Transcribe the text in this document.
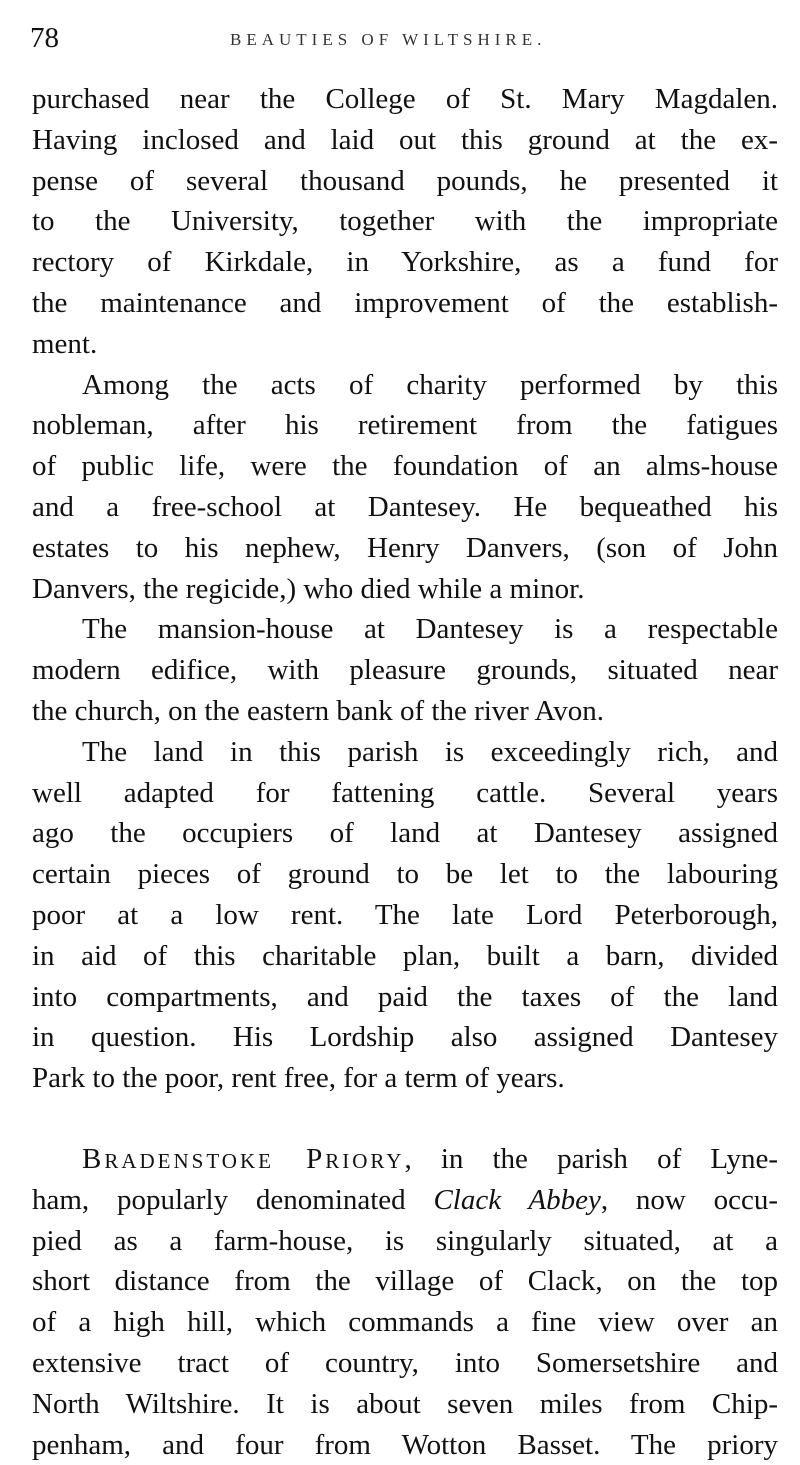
78	BEAUTIES OF WILTSHIRE.
purchased near the College of St. Mary Magdalen.
Having inclosed and laid out this ground at the ex-
pense of several thousand pounds, he presented it
to the University, together with the impropriate
rectory of Kirkdale, in Yorkshire, as a fund for
the maintenance and improvement of the establish-
ment.
Among the acts of charity performed by this
nobleman, after his retirement from the fatigues
of public life, were the foundation of an alms-house
and a free-school at Dantesey. He bequeathed his
estates to his nephew, Henry Danvers, (son of John
Danvers, the regicide,) who died while a minor.
The mansion-house at Dantesey is a respectable
modern edifice, with pleasure grounds, situated near
the church, on the eastern bank of the river Avon.
The land in this parish is exceedingly rich, and
well adapted for fattening cattle. Several years
ago the occupiers of land at Dantesey assigned
certain pieces of ground to be let to the labouring
poor at a low rent. The late Lord Peterborough,
in aid of this charitable plan, built a barn, divided
into compartments, and paid the taxes of the land
in question. His Lordship also assigned Dantesey
Park to the poor, rent free, for a term of years.
BRADENSTOKE PRIORY, in the parish of Lyne-
ham, popularly denominated Clack Abbey, now occu-
pied as a farm-house, is singularly situated, at a
short distance from the village of Clack, on the top
of a high hill, which commands a fine view over an
extensive tract of country, into Somersetshire and
North Wiltshire. It is about seven miles from Chip-
penham, and four from Wotton Basset. The priory
